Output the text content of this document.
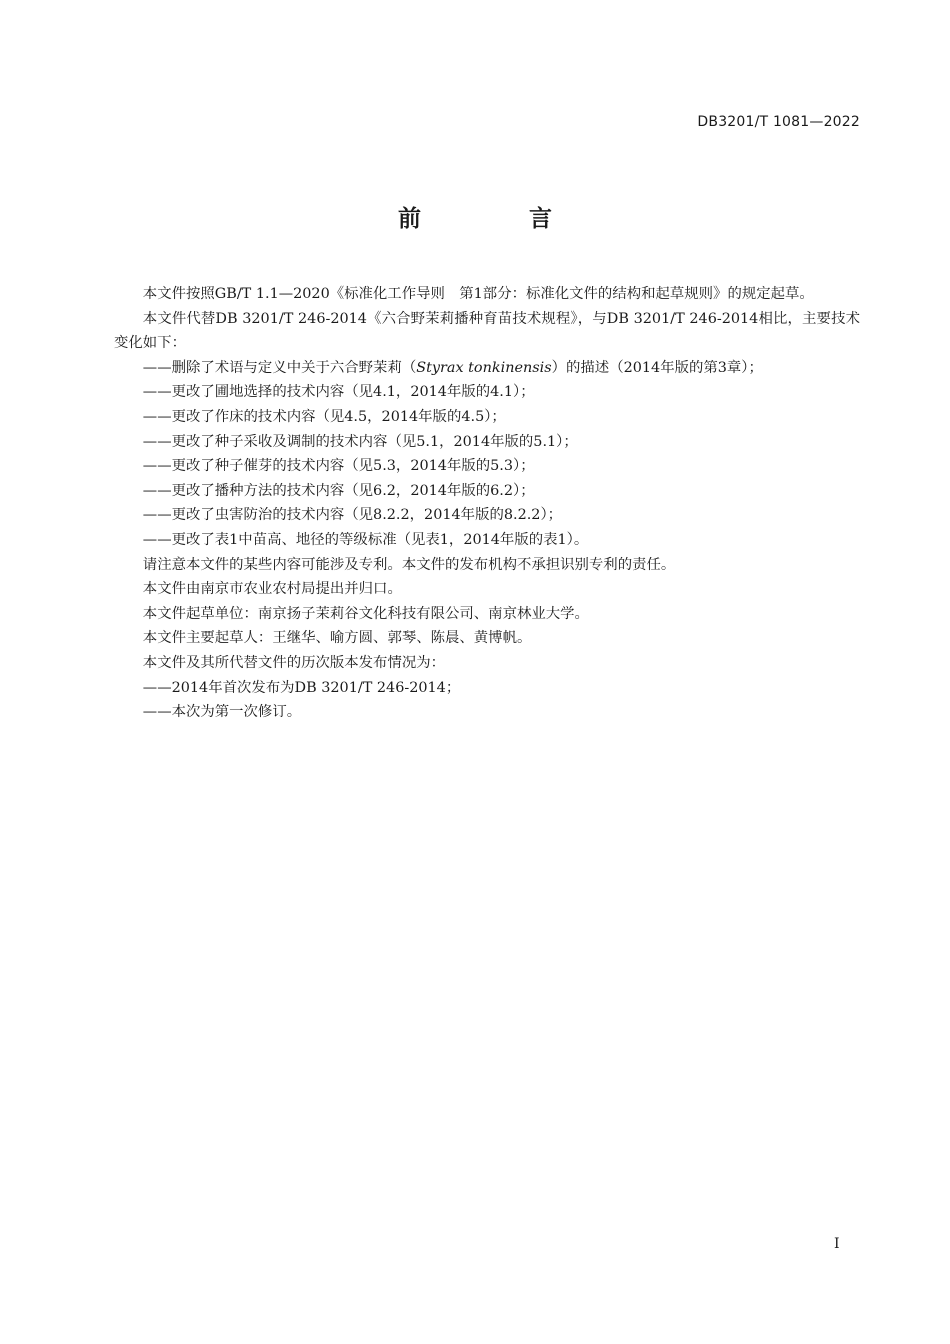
DB3201/T 1081—2022
前 言

本文件按照GB/T 1.1—2020《标准化工作导则　第1部分：标准化文件的结构和起草规则》的规定起草。

本文件代替DB 3201/T 246-2014《六合野茉莉播种育苗技术规程》，与DB 3201/T 246-2014相比，主要技术变化如下：

——删除了术语与定义中关于六合野茉莉（Styrax tonkinensis）的描述（2014年版的第3章）；

——更改了圃地选择的技术内容（见4.1，2014年版的4.1）；

——更改了作床的技术内容（见4.5，2014年版的4.5）；

——更改了种子采收及调制的技术内容（见5.1，2014年版的5.1）；

——更改了种子催芽的技术内容（见5.3，2014年版的5.3）；

——更改了播种方法的技术内容（见6.2，2014年版的6.2）；

——更改了虫害防治的技术内容（见8.2.2，2014年版的8.2.2）；

——更改了表1中苗高、地径的等级标准（见表1，2014年版的表1）。

请注意本文件的某些内容可能涉及专利。本文件的发布机构不承担识别专利的责任。

本文件由南京市农业农村局提出并归口。

本文件起草单位：南京扬子茉莉谷文化科技有限公司、南京林业大学。

本文件主要起草人：王继华、喻方圆、郭琴、陈晨、黄博帆。

本文件及其所代替文件的历次版本发布情况为：

——2014年首次发布为DB 3201/T 246-2014；

——本次为第一次修订。

I
